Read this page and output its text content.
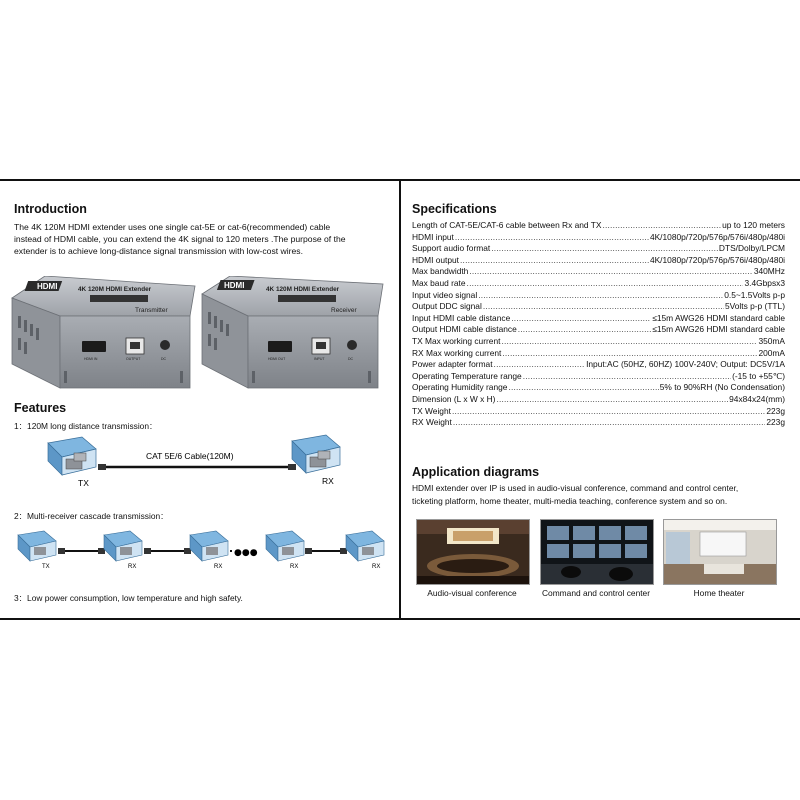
Introduction
The 4K 120M HDMI extender uses one single cat-5E or cat-6(recommended) cable
instead of HDMI cable, you can extend the 4K signal to 120 meters .The purpose of the
extender is to achieve long-distance signal transmission with low-cost wires.
HDMI	4K 120M HDMI Extender
Transmitter
HDMI IN	OUTPUT	DC
HDMI	4K 120M HDMI Extender
Receiver
HDMI OUT	INPUT	DC
Features
1：120M long distance transmission：
TX
CAT 5E/6 Cable(120M)
RX
2：Multi-receiver cascade transmission：
●●●
TX	RX	RX	RX	RX
3：Low power consumption, low temperature and high safety.
Specifications
Length of CAT-5E/CAT-6 cable between Rx and TX .....	up to 120 meters
HDMI input .....	4K/1080p/720p/576p/576i/480p/480i
Support audio format .....	DTS/Dolby/LPCM
HDMI output .....	4K/1080p/720p/576p/576i/480p/480i
Max bandwidth .....	340MHz
Max baud rate .....	3.4Gbpsx3
Input video signal .....	0.5~1.5Volts p-p
Output DDC signal .....	5Volts p-p (TTL)
Input HDMI cable distance .....	≤15m AWG26 HDMI standard cable
Output HDMI cable distance .....	≤15m AWG26 HDMI standard cable
TX Max working current .....	350mA
RX Max working current .....	200mA
Power adapter format .....	Input:AC (50HZ, 60HZ) 100V-240V; Output: DC5V/1A
Operating Temperature range .....	(-15 to +55℃)
Operating Humidity range .....	5% to 90%RH (No Condensation)
Dimension (L x W x H) .....	94x84x24(mm)
TX Weight .....	223g
RX Weight .....	223g
Application diagrams
HDMI extender over IP is used in audio-visual conference, command and control center,
ticketing platform, home theater, multi-media teaching, conference system and so on.
Audio-visual conference	Command and control center	Home theater
